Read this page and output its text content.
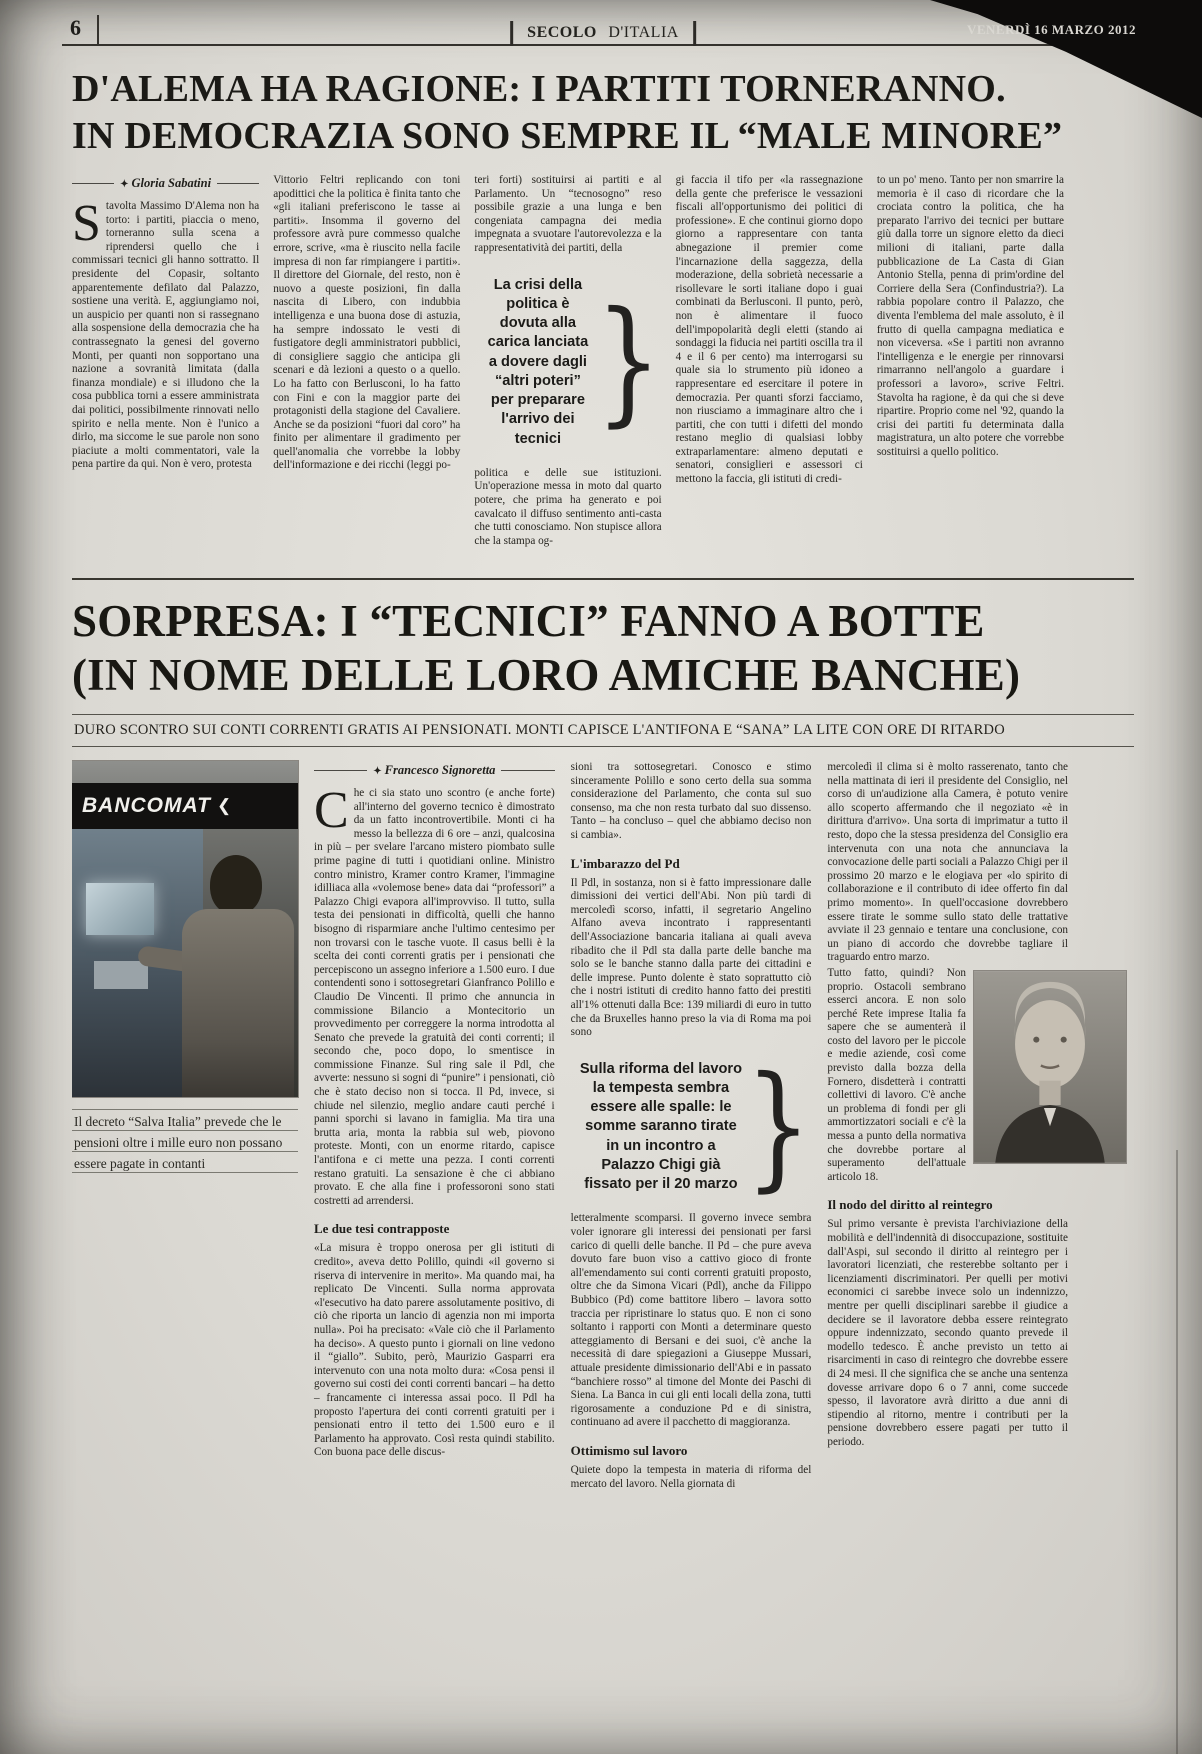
VENERDÌ 16 MARZO 2012
6	SECOLO D'ITALIA
D'ALEMA HA RAGIONE: I PARTITI TORNERANNO.
IN DEMOCRAZIA SONO SEMPRE IL “MALE MINORE”
✦ Gloria Sabatini

Stavolta Massimo D'Alema non ha torto: i partiti, piaccia o meno, torneranno sulla scena a riprendersi quello che i commissari tecnici gli hanno sottratto. Il presidente del Copasir, soltanto apparentemente defilato dal Palazzo, sostiene una verità. E, aggiungiamo noi, un auspicio per quanti non si rassegnano alla sospensione della democrazia che ha contrassegnato la genesi del governo Monti, per quanti non sopportano una nazione a sovranità limitata (dalla finanza mondiale) e si illudono che la cosa pubblica torni a essere amministrata dai politici, possibilmente rinnovati nello spirito e nella mente. Non è l'unico a dirlo, ma siccome le sue parole non sono piaciute a molti commentatori, vale la pena partire da qui. Non è vero, protesta

Vittorio Feltri replicando con toni apodittici che la politica è finita tanto che «gli italiani preferiscono le tasse ai partiti». Insomma il governo del professore avrà pure commesso qualche errore, scrive, «ma è riuscito nella facile impresa di non far rimpiangere i partiti». Il direttore del Giornale, del resto, non è nuovo a queste posizioni, fin dalla nascita di Libero, con indubbia intelligenza e una buona dose di astuzia, ha sempre indossato le vesti di fustigatore degli amministratori pubblici, di consigliere saggio che anticipa gli scenari e dà lezioni a questo o a quello. Lo ha fatto con Berlusconi, lo ha fatto con Fini e con la maggior parte dei protagonisti della stagione del Cavaliere. Anche se da posizioni “fuori dal coro” ha finito per alimentare il gradimento per quell'anomalia che vorrebbe la lobby dell'informazione e dei ricchi (leggi po-

teri forti) sostituirsi ai partiti e al Parlamento. Un “tecnosogno” reso possibile grazie a una lunga e ben congeniata campagna dei media impegnata a svuotare l'autorevolezza e la rappresentatività dei partiti, della

La crisi della politica è dovuta alla carica lanciata a dovere dagli “altri poteri” per preparare l'arrivo dei tecnici }

politica e delle sue istituzioni. Un'operazione messa in moto dal quarto potere, che prima ha generato e poi cavalcato il diffuso sentimento anti-casta che tutti conosciamo. Non stupisce allora che la stampa og-

gi faccia il tifo per «la rassegnazione della gente che preferisce le vessazioni fiscali all'opportunismo dei politici di professione». E che continui giorno dopo giorno a rappresentare con tanta abnegazione il premier come l'incarnazione della saggezza, della moderazione, della sobrietà necessarie a risollevare le sorti italiane dopo i guai combinati da Berlusconi. Il punto, però, non è alimentare il fuoco dell'impopolarità degli eletti (stando ai sondaggi la fiducia nei partiti oscilla tra il 4 e il 6 per cento) ma interrogarsi su quale sia lo strumento più idoneo a rappresentare ed esercitare il potere in democrazia. Per quanti sforzi facciamo, non riusciamo a immaginare altro che i partiti, che con tutti i difetti del mondo restano meglio di qualsiasi lobby extraparlamentare: almeno deputati e senatori, consiglieri e assessori ci mettono la faccia, gli istituti di credi-

to un po' meno. Tanto per non smarrire la memoria è il caso di ricordare che la crociata contro la politica, che ha preparato l'arrivo dei tecnici per buttare giù dalla torre un signore eletto da dieci milioni di italiani, parte dalla pubblicazione de La Casta di Gian Antonio Stella, penna di prim'ordine del Corriere della Sera (Confindustria?). La rabbia popolare contro il Palazzo, che diventa l'emblema del male assoluto, è il frutto di quella campagna mediatica e non viceversa. «Se i partiti non avranno l'intelligenza e le energie per rinnovarsi rimarranno nell'angolo a guardare i professori a lavoro», scrive Feltri. Stavolta ha ragione, è da qui che si deve ripartire. Proprio come nel '92, quando la crisi dei partiti fu determinata dalla magistratura, un alto potere che vorrebbe sostituirsi a quello politico.

SORPRESA: I “TECNICI” FANNO A BOTTE
(IN NOME DELLE LORO AMICHE BANCHE)
DURO SCONTRO SUI CONTI CORRENTI GRATIS AI PENSIONATI. MONTI CAPISCE L'ANTIFONA E “SANA” LA LITE CON ORE DI RITARDO
BANCOMAT ❮
Il decreto “Salva Italia” prevede che le pensioni oltre i mille euro non possano essere pagate in contanti
✦ Francesco Signoretta

Che ci sia stato uno scontro (e anche forte) all'interno del governo tecnico è dimostrato da un fatto incontrovertibile. Monti ci ha messo la bellezza di 6 ore – anzi, qualcosina in più – per svelare l'arcano mistero piombato sulle prime pagine di tutti i quotidiani online. Ministro contro ministro, Kramer contro Kramer, l'immagine idilliaca alla «volemose bene» data dai “professori” a Palazzo Chigi evapora all'improvviso. Il tutto, sulla testa dei pensionati in difficoltà, quelli che hanno bisogno di risparmiare anche l'ultimo centesimo per non trovarsi con le tasche vuote. Il casus belli è la scelta dei conti correnti gratis per i pensionati che percepiscono un assegno inferiore a 1.500 euro. I due contendenti sono i sottosegretari Gianfranco Polillo e Claudio De Vincenti. Il primo che annuncia in commissione Bilancio a Montecitorio un provvedimento per correggere la norma introdotta al Senato che prevede la gratuità dei conti correnti; il secondo che, poco dopo, lo smentisce in commissione Finanze. Sul ring sale il Pdl, che avverte: nessuno si sogni di “punire” i pensionati, ciò che è stato deciso non si tocca. Il Pd, invece, si chiude nel silenzio, meglio andare cauti perché i panni sporchi si lavano in famiglia. Ma tira una brutta aria, monta la rabbia sul web, piovono proteste. Monti, con un enorme ritardo, capisce l'antifona e ci mette una pezza. I conti correnti restano gratuiti. La sensazione è che ci abbiano provato. E che alla fine i professoroni sono stati costretti ad arrendersi.

Le due tesi contrapposte

«La misura è troppo onerosa per gli istituti di credito», aveva detto Polillo, quindi «il governo si riserva di intervenire in merito». Ma quando mai, ha replicato De Vincenti. Sulla norma approvata «l'esecutivo ha dato parere assolutamente positivo, di ciò che riporta un lancio di agenzia non mi importa nulla». Poi ha precisato: «Vale ciò che il Parlamento ha deciso». A questo punto i giornali on line vedono il “giallo”. Subito, però, Maurizio Gasparri era intervenuto con una nota molto dura: «Cosa pensi il governo sui costi dei conti correnti bancari – ha detto – francamente ci interessa assai poco. Il Pdl ha proposto l'apertura dei conti correnti gratuiti per i pensionati entro il tetto dei 1.500 euro e il Parlamento ha approvato. Così resta quindi stabilito. Con buona pace delle discus-

sioni tra sottosegretari. Conosco e stimo sinceramente Polillo e sono certo della sua somma considerazione del Parlamento, che conta sul suo consenso, ma che non resta turbato dal suo dissenso. Tanto – ha concluso – quel che abbiamo deciso non si cambia».

L'imbarazzo del Pd

Il Pdl, in sostanza, non si è fatto impressionare dalle dimissioni dei vertici dell'Abi. Non più tardi di mercoledì scorso, infatti, il segretario Angelino Alfano aveva incontrato i rappresentanti dell'Associazione bancaria italiana ai quali aveva ribadito che il Pdl sta dalla parte delle banche ma solo se le banche stanno dalla parte dei cittadini e delle imprese. Punto dolente è stato soprattutto ciò che i nostri istituti di credito hanno fatto dei prestiti all'1% ottenuti dalla Bce: 139 miliardi di euro in tutto che da Bruxelles hanno preso la via di Roma ma poi sono

Sulla riforma del lavoro la tempesta sembra essere alle spalle: le somme saranno tirate in un incontro a Palazzo Chigi già fissato per il 20 marzo }

letteralmente scomparsi. Il governo invece sembra voler ignorare gli interessi dei pensionati per farsi carico di quelli delle banche. Il Pd – che pure aveva dovuto fare buon viso a cattivo gioco di fronte all'emendamento sui conti correnti gratuiti proposto, oltre che da Simona Vicari (Pdl), anche da Filippo Bubbico (Pd) come battitore libero – lavora sotto traccia per ripristinare lo status quo. E non ci sono soltanto i rapporti con Monti a determinare questo atteggiamento di Bersani e dei suoi, c'è anche la necessità di dare spiegazioni a Giuseppe Mussari, attuale presidente dimissionario dell'Abi e in passato “banchiere rosso” al timone del Monte dei Paschi di Siena. La Banca in cui gli enti locali della zona, tutti rigorosamente a conduzione Pd e di sinistra, continuano ad avere il pacchetto di maggioranza.

Ottimismo sul lavoro

Quiete dopo la tempesta in materia di riforma del mercato del lavoro. Nella giornata di

mercoledì il clima si è molto rasserenato, tanto che nella mattinata di ieri il presidente del Consiglio, nel corso di un'audizione alla Camera, è potuto venire allo scoperto affermando che il negoziato «è in dirittura d'arrivo». Una sorta di imprimatur a tutto il resto, dopo che la stessa presidenza del Consiglio era intervenuta con una nota che annunciava la convocazione delle parti sociali a Palazzo Chigi per il prossimo 20 marzo e le elogiava per «lo spirito di collaborazione e il contributo di idee offerto fin dal primo momento». In quell'occasione dovrebbero essere tirate le somme sullo stato delle trattative avviate il 23 gennaio e tentare una conclusione, con un piano di accordo che dovrebbe tagliare il traguardo entro marzo.

Tutto fatto, quindi? Non proprio. Ostacoli sembrano esserci ancora. E non solo perché Rete imprese Italia fa sapere che se aumenterà il costo del lavoro per le piccole e medie aziende, così come previsto dalla bozza della Fornero, disdetterà i contratti collettivi di lavoro. C'è anche un problema di fondi per gli ammortizzatori sociali e c'è la messa a punto della normativa che dovrebbe portare al superamento dell'attuale articolo 18.

Il nodo del diritto al reintegro

Sul primo versante è prevista l'archiviazione della mobilità e dell'indennità di disoccupazione, sostituite dall'Aspi, sul secondo il diritto al reintegro per i lavoratori licenziati, che resterebbe soltanto per i licenziamenti discriminatori. Per quelli per motivi economici ci sarebbe invece solo un indennizzo, mentre per quelli disciplinari sarebbe il giudice a decidere se il lavoratore debba essere reintegrato oppure indennizzato, secondo quanto prevede il modello tedesco. È anche previsto un tetto ai risarcimenti in caso di reintegro che dovrebbe essere di 24 mesi. Il che significa che se anche una sentenza dovesse arrivare dopo 6 o 7 anni, come succede spesso, il lavoratore avrà diritto a due anni di stipendio al ritorno, mentre i contributi per la pensione dovrebbero essere pagati per tutto il periodo.
